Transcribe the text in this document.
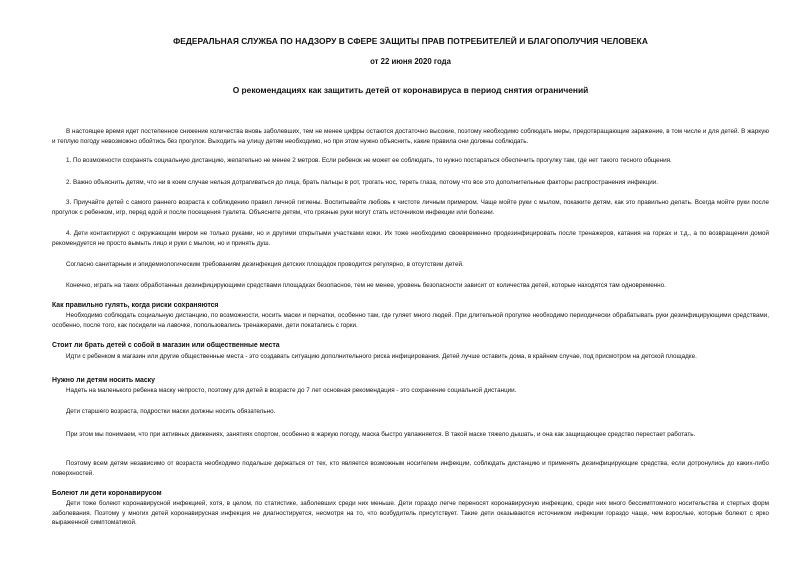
ФЕДЕРАЛЬНАЯ СЛУЖБА ПО НАДЗОРУ В СФЕРЕ ЗАЩИТЫ ПРАВ ПОТРЕБИТЕЛЕЙ И БЛАГОПОЛУЧИЯ ЧЕЛОВЕКА
от 22 июня 2020 года
О рекомендациях как защитить детей от коронавируса в период снятия ограничений

В настоящее время идет постепенное снижение количества вновь заболевших, тем не менее цифры остаются достаточно высокие, поэтому необходимо соблюдать меры, предотвращающие заражение, в том числе и для детей. В жаркую и теплую погоду невозможно обойтись без прогулок. Выходить на улицу детям необходимо, но при этом нужно объяснить, какие правила они должны соблюдать.

1. По возможности сохранять социальную дистанцию, желательно не менее 2 метров. Если ребенок не может ее соблюдать, то нужно постараться обеспечить прогулку там, где нет такого тесного общения.

2. Важно объяснить детям, что ни в коем случае нельзя дотрагиваться до лица, брать пальцы в рот, трогать нос, тереть глаза, потому что все это дополнительные факторы распространения инфекции.

3. Приучайте детей с самого раннего возраста к соблюдению правил личной гигиены. Воспитывайте любовь к чистоте личным примером. Чаще мойте руки с мылом, покажите детям, как это правильно делать. Всегда мойте руки после прогулок с ребенком, игр, перед едой и после посещения туалета. Объясните детям, что грязные руки могут стать источником инфекции или болезни.

4. Дети контактируют с окружающим миром не только руками, но и другими открытыми участками кожи. Их тоже необходимо своевременно продезинфицировать после тренажеров, катания на горках и т.д., а по возвращении домой рекомендуется не просто вымыть лицо и руки с мылом, но и принять душ.

Согласно санитарным и эпидемиологическим требованиям дезинфекция детских площадок проводится регулярно, в отсутствии детей.

Конечно, играть на таких обработанных дезинфицирующими средствами площадках безопасное, тем не менее, уровень безопасности зависит от количества детей, которые находятся там одновременно.

Как правильно гулять, когда риски сохраняются

Необходимо соблюдать социальную дистанцию, по возможности, носить маски и перчатки, особенно там, где гуляет много людей. При длительной прогулке необходимо периодически обрабатывать руки дезинфицирующими средствами, особенно, после того, как посидели на лавочке, попользовались тренажерами, дети покатались с горки.

Стоит ли брать детей с собой в магазин или общественные места

Идти с ребенком в магазин или другие общественные места - это создавать ситуацию дополнительного риска инфицирования. Детей лучше оставить дома, в крайнем случае, под присмотром на детской площадке.

Нужно ли детям носить маску

Надеть на маленького ребенка маску непросто, поэтому для детей в возрасте до 7 лет основная рекомендация - это сохранение социальной дистанции.

Дети старшего возраста, подростки маски должны носить обязательно.

При этом мы понимаем, что при активных движениях, занятиях спортом, особенно в жаркую погоду, маска быстро увлажняется. В такой маске тяжело дышать, и она как защищающее средство перестает работать.

Поэтому всем детям независимо от возраста необходимо подальше держаться от тех, кто является возможным носителем инфекции, соблюдать дистанцию и применять дезинфицирующие средства, если дотронулись до каких-либо поверхностей.

Болеют ли дети коронавирусом

Дети тоже болеют коронавирусной инфекцией, хотя, в целом, по статистике, заболевших среди них меньше. Дети гораздо легче переносят коронавирусную инфекцию, среди них много бессимптомного носительства и стертых форм заболевания. Поэтому у многих детей коронавирусная инфекция не диагностируется, несмотря на то, что возбудитель присутствует. Такие дети оказываются источником инфекции гораздо чаще, чем взрослые, которые болеют с ярко выраженной симптоматикой.
